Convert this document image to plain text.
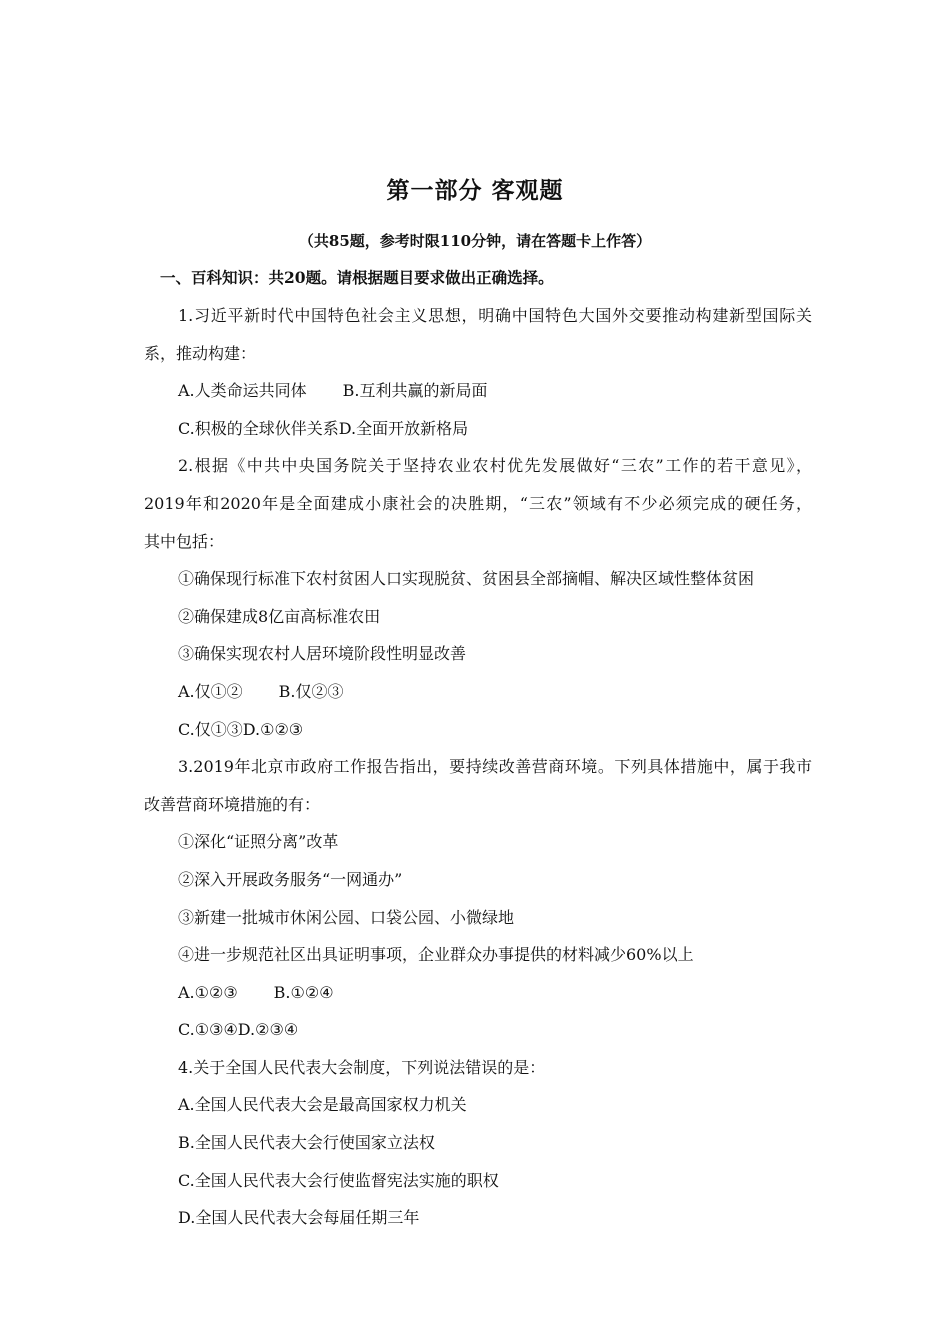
第一部分 客观题
（共85题，参考时限110分钟，请在答题卡上作答）
一、百科知识：共20题。请根据题目要求做出正确选择。
1.习近平新时代中国特色社会主义思想，明确中国特色大国外交要推动构建新型国际关
系，推动构建：
A.人类命运共同体 B.互利共赢的新局面
C.积极的全球伙伴关系D.全面开放新格局
2.根据《中共中央国务院关于坚持农业农村优先发展做好“三农”工作的若干意见》，
2019年和2020年是全面建成小康社会的决胜期，“三农”领域有不少必须完成的硬任务，
其中包括：
①确保现行标准下农村贫困人口实现脱贫、贫困县全部摘帽、解决区域性整体贫困
②确保建成8亿亩高标准农田
③确保实现农村人居环境阶段性明显改善
A.仅①② B.仅②③
C.仅①③D.①②③
3.2019年北京市政府工作报告指出，要持续改善营商环境。下列具体措施中，属于我市
改善营商环境措施的有：
①深化“证照分离”改革
②深入开展政务服务“一网通办”
③新建一批城市休闲公园、口袋公园、小微绿地
④进一步规范社区出具证明事项，企业群众办事提供的材料减少60%以上
A.①②③ B.①②④
C.①③④D.②③④
4.关于全国人民代表大会制度，下列说法错误的是：
A.全国人民代表大会是最高国家权力机关
B.全国人民代表大会行使国家立法权
C.全国人民代表大会行使监督宪法实施的职权
D.全国人民代表大会每届任期三年
